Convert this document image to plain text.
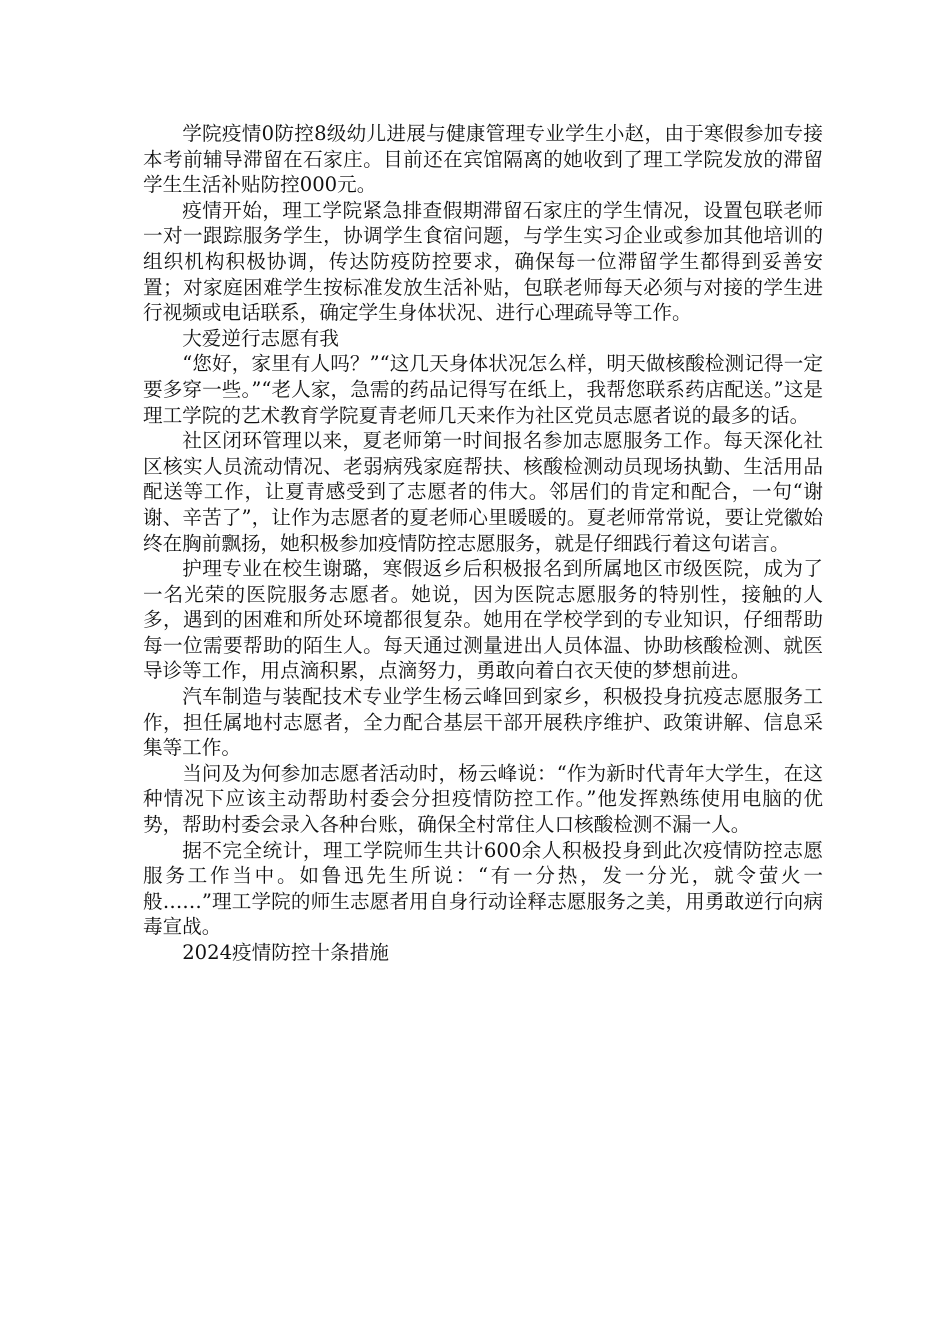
学院疫情0防控8级幼儿进展与健康管理专业学生小赵，由于寒假参加专接本考前辅导滞留在石家庄。目前还在宾馆隔离的她收到了理工学院发放的滞留学生生活补贴防控000元。

疫情开始，理工学院紧急排查假期滞留石家庄的学生情况，设置包联老师一对一跟踪服务学生，协调学生食宿问题，与学生实习企业或参加其他培训的组织机构积极协调，传达防疫防控要求，确保每一位滞留学生都得到妥善安置；对家庭困难学生按标准发放生活补贴，包联老师每天必须与对接的学生进行视频或电话联系，确定学生身体状况、进行心理疏导等工作。

大爱逆行志愿有我

“您好，家里有人吗？”“这几天身体状况怎么样，明天做核酸检测记得一定要多穿一些。”“老人家，急需的药品记得写在纸上，我帮您联系药店配送。”这是理工学院的艺术教育学院夏青老师几天来作为社区党员志愿者说的最多的话。

社区闭环管理以来，夏老师第一时间报名参加志愿服务工作。每天深化社区核实人员流动情况、老弱病残家庭帮扶、核酸检测动员现场执勤、生活用品配送等工作，让夏青感受到了志愿者的伟大。邻居们的肯定和配合，一句“谢谢、辛苦了”，让作为志愿者的夏老师心里暖暖的。夏老师常常说，要让党徽始终在胸前飘扬，她积极参加疫情防控志愿服务，就是仔细践行着这句诺言。

护理专业在校生谢璐，寒假返乡后积极报名到所属地区市级医院，成为了一名光荣的医院服务志愿者。她说，因为医院志愿服务的特别性，接触的人多，遇到的困难和所处环境都很复杂。她用在学校学到的专业知识，仔细帮助每一位需要帮助的陌生人。每天通过测量进出人员体温、协助核酸检测、就医导诊等工作，用点滴积累，点滴努力，勇敢向着白衣天使的梦想前进。

汽车制造与装配技术专业学生杨云峰回到家乡，积极投身抗疫志愿服务工作，担任属地村志愿者，全力配合基层干部开展秩序维护、政策讲解、信息采集等工作。

当问及为何参加志愿者活动时，杨云峰说：“作为新时代青年大学生，在这种情况下应该主动帮助村委会分担疫情防控工作。”他发挥熟练使用电脑的优势，帮助村委会录入各种台账，确保全村常住人口核酸检测不漏一人。

据不完全统计，理工学院师生共计600余人积极投身到此次疫情防控志愿服务工作当中。如鲁迅先生所说：“有一分热，发一分光，就令萤火一般……”理工学院的师生志愿者用自身行动诠释志愿服务之美，用勇敢逆行向病毒宣战。

2024疫情防控十条措施
